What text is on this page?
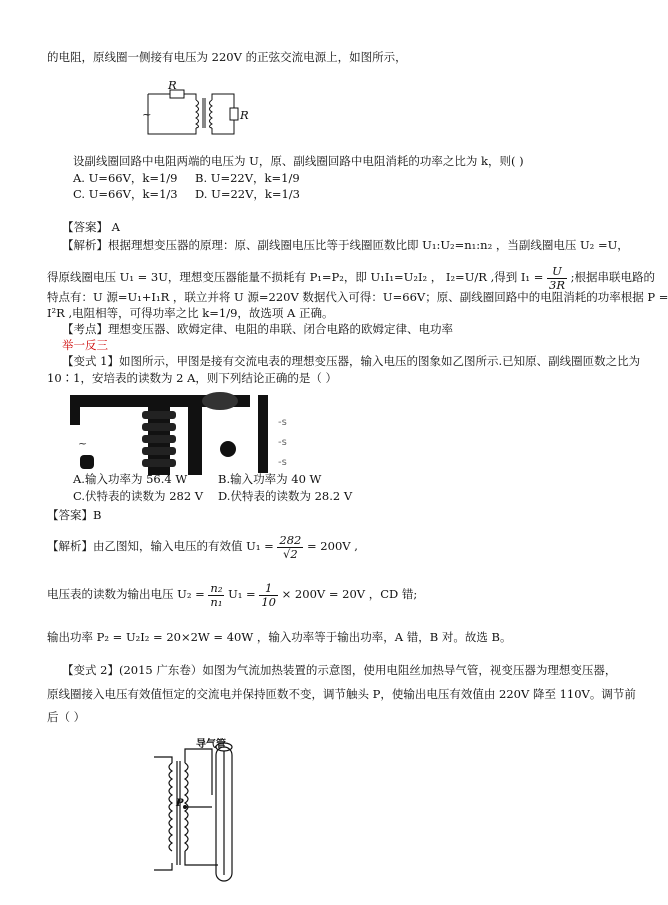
的电阻，原线圈一侧接有电压为 220V 的正弦交流电源上，如图所示，
R
R
~
设副线圈回路中电阻两端的电压为 U，原、副线圈回路中电阻消耗的功率之比为 k，则( )
A. U=66V，k=1/9 B. U=22V，k=1/9
C. U=66V，k=1/3 D. U=22V，k=1/3
【答案】 A
【解析】根据理想变压器的原理：原、副线圈电压比等于线圈匝数比即 U₁:U₂=n₁:n₂ ，当副线圈电压 U₂ =U，
得原线圈电压 U₁ = 3U，理想变压器能量不损耗有 P₁=P₂，即 U₁I₁=U₂I₂ ， I₂=U/R ,得到 $I_1 = \frac{U}{3R}$ ;根据串联电路的
特点有：U 源=U₁+I₁R ，联立并将 U 源=220V 数据代入可得：U=66V；原、副线圈回路中的电阻消耗的功率根据 P =
I²R ,电阻相等，可得功率之比 k=1/9，故选项 A 正确。
【考点】理想变压器、欧姆定律、电阻的串联、闭合电路的欧姆定律、电功率
举一反三
【变式 1】如图所示，甲图是接有交流电表的理想变压器，输入电压的图象如乙图所示.已知原、副线圈匝数之比为
10∶1，安培表的读数为 2 A，则下列结论正确的是（ ）
~
-s
-s
-s
A.输入功率为 56.4 W	B.输入功率为 40 W
C.伏特表的读数为 282 V D.伏特表的读数为 28.2 V
【答案】B
【解析】由乙图知，输入电压的有效值 $U_1 = \frac{282}{√2} = 200V$ ,
电压表的读数为输出电压 $U_2 = \frac{\text{n₂}}{\text{n₁}} U_1 = \frac{1}{10} \times 200V = 20V$ ，CD 错;
输出功率 P₂ = U₂I₂ = 20×2W = 40W ，输入功率等于输出功率，A 错，B 对。故选 B。
【变式 2】(2015 广东卷）如图为气流加热装置的示意图，使用电阻丝加热导气管，视变压器为理想变压器，
原线圈接入电压有效值恒定的交流电并保持匝数不变，调节触头 P，使输出电压有效值由 220V 降至 110V。调节前
后（ ）
导气管
P
